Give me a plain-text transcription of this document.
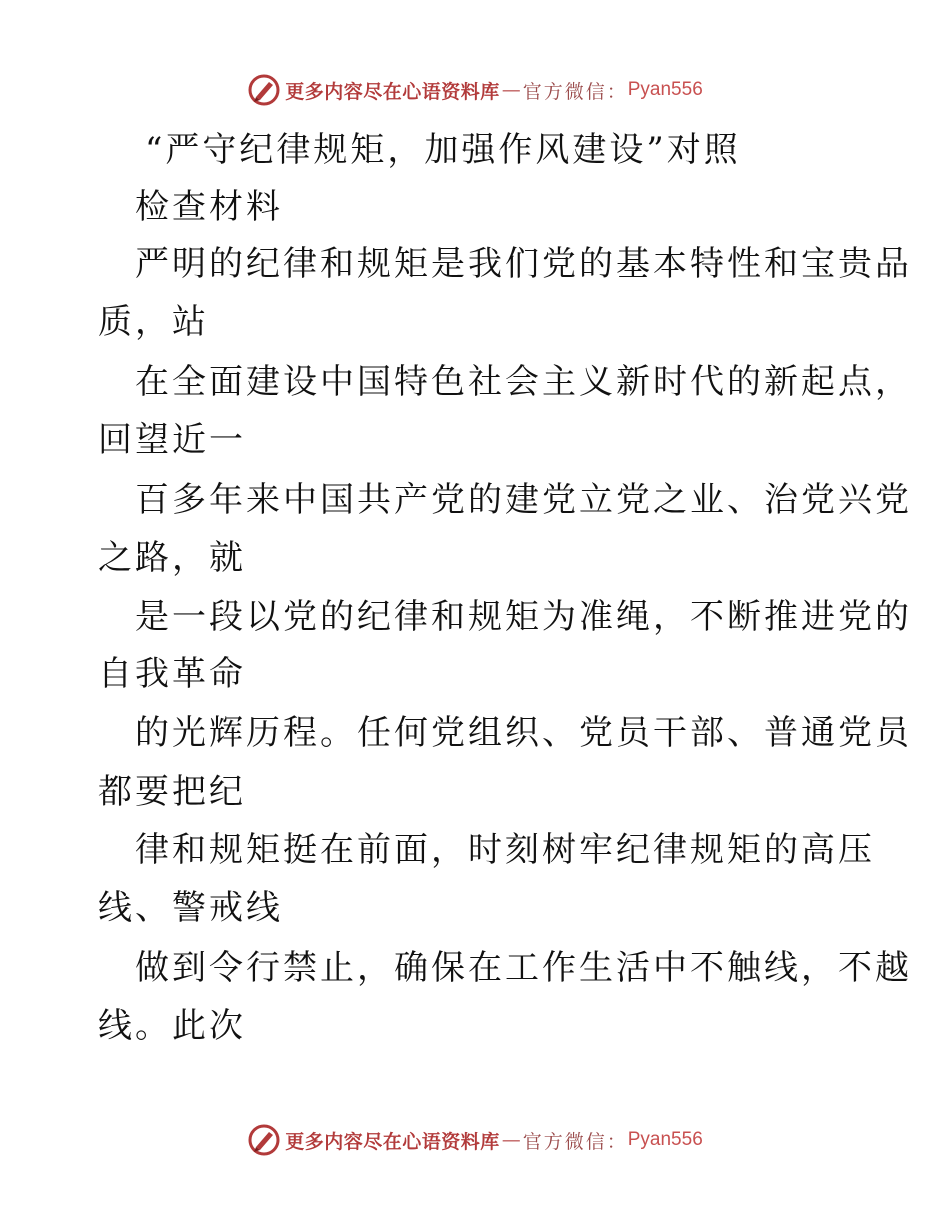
更多内容尽在心语资料库 — 官方微信： Pyan556
“严守纪律规矩，加强作风建设”对照
检查材料
严明的纪律和规矩是我们党的基本特性和宝贵品
质，站
在全面建设中国特色社会主义新时代的新起点，
回望近一
百多年来中国共产党的建党立党之业、治党兴党
之路，就
是一段以党的纪律和规矩为准绳，不断推进党的
自我革命
的光辉历程。任何党组织、党员干部、普通党员
都要把纪
律和规矩挺在前面，时刻树牢纪律规矩的高压
线、警戒线
做到令行禁止，确保在工作生活中不触线，不越
线。此次
更多内容尽在心语资料库 — 官方微信： Pyan556
